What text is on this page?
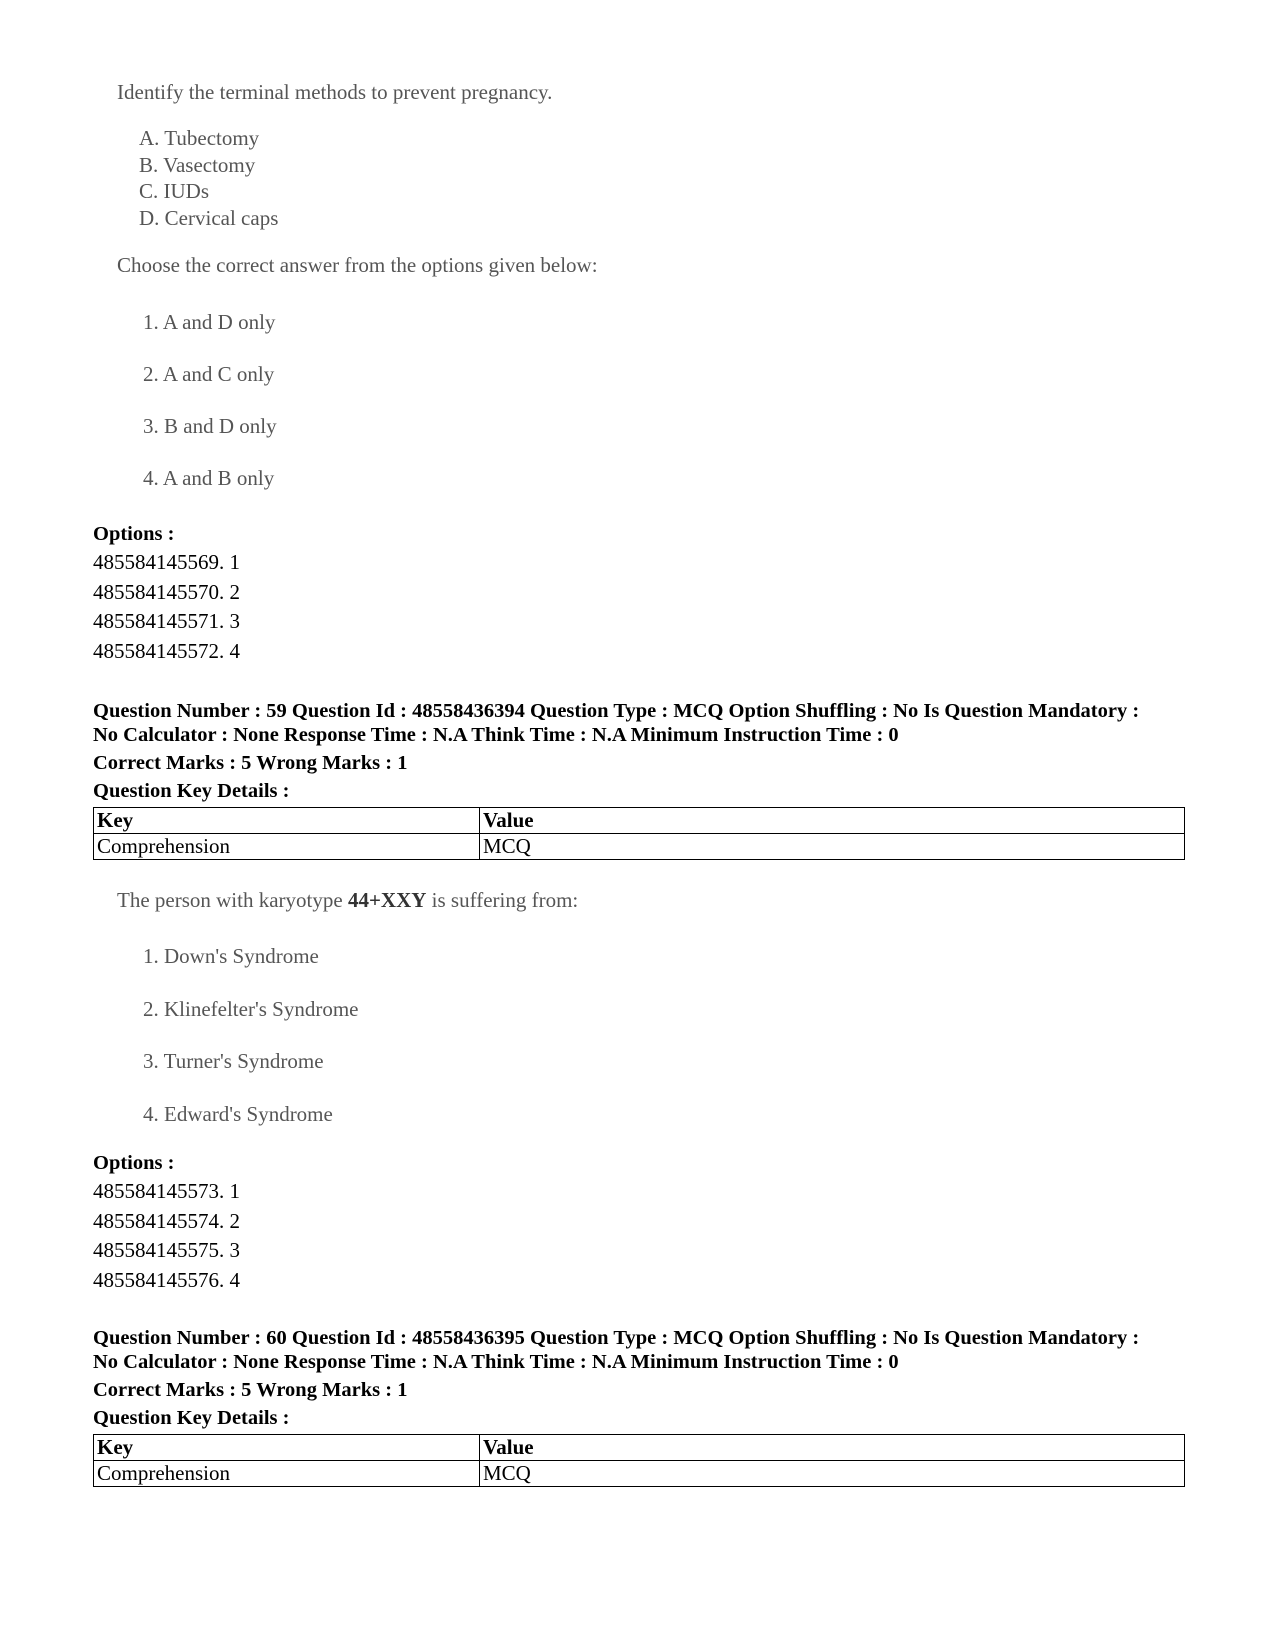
Identify the terminal methods to prevent pregnancy.

A. Tubectomy
B. Vasectomy
C. IUDs
D. Cervical caps

Choose the correct answer from the options given below:

1. A and D only
2. A and C only
3. B and D only
4. A and B only
Options :
485584145569. 1
485584145570. 2
485584145571. 3
485584145572. 4
Question Number : 59 Question Id : 48558436394 Question Type : MCQ Option Shuffling : No Is Question Mandatory :
No Calculator : None Response Time : N.A Think Time : N.A Minimum Instruction Time : 0
Correct Marks : 5 Wrong Marks : 1
Question Key Details :
Key	Value
Comprehension	MCQ

The person with karyotype 44+XXY is suffering from:

1. Down's Syndrome
2. Klinefelter's Syndrome
3. Turner's Syndrome
4. Edward's Syndrome
Options :
485584145573. 1
485584145574. 2
485584145575. 3
485584145576. 4
Question Number : 60 Question Id : 48558436395 Question Type : MCQ Option Shuffling : No Is Question Mandatory :
No Calculator : None Response Time : N.A Think Time : N.A Minimum Instruction Time : 0
Correct Marks : 5 Wrong Marks : 1
Question Key Details :
Key	Value
Comprehension	MCQ
